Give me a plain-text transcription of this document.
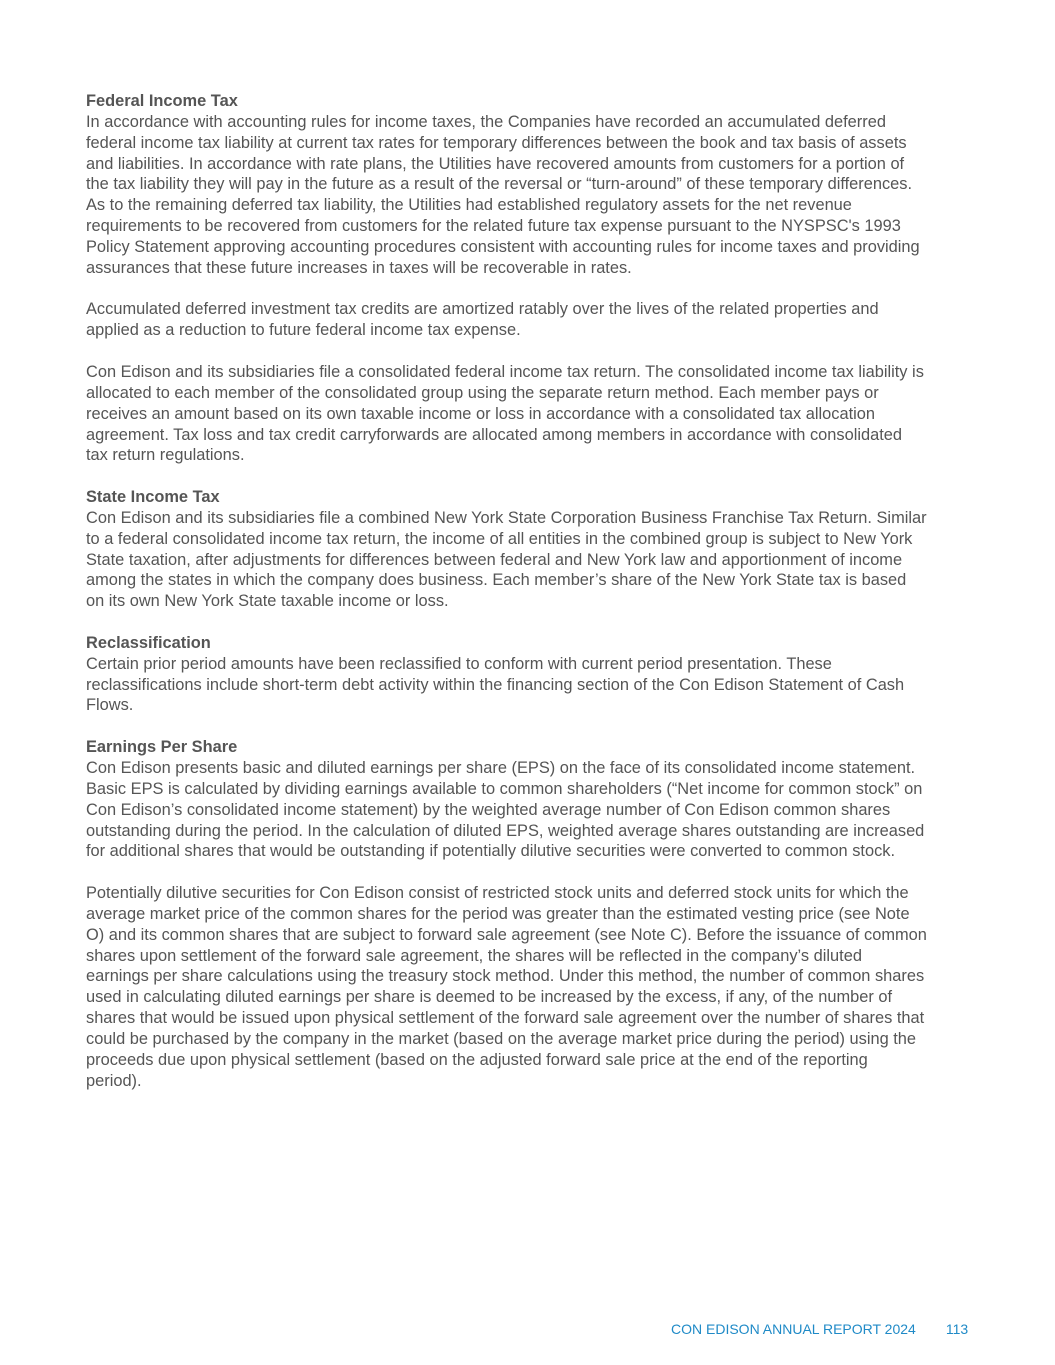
Federal Income Tax
In accordance with accounting rules for income taxes, the Companies have recorded an accumulated deferred
federal income tax liability at current tax rates for temporary differences between the book and tax basis of assets
and liabilities. In accordance with rate plans, the Utilities have recovered amounts from customers for a portion of
the tax liability they will pay in the future as a result of the reversal or “turn-around” of these temporary differences.
As to the remaining deferred tax liability, the Utilities had established regulatory assets for the net revenue
requirements to be recovered from customers for the related future tax expense pursuant to the NYSPSC's 1993
Policy Statement approving accounting procedures consistent with accounting rules for income taxes and providing
assurances that these future increases in taxes will be recoverable in rates.
Accumulated deferred investment tax credits are amortized ratably over the lives of the related properties and
applied as a reduction to future federal income tax expense.
Con Edison and its subsidiaries file a consolidated federal income tax return. The consolidated income tax liability is
allocated to each member of the consolidated group using the separate return method. Each member pays or
receives an amount based on its own taxable income or loss in accordance with a consolidated tax allocation
agreement. Tax loss and tax credit carryforwards are allocated among members in accordance with consolidated
tax return regulations.
State Income Tax
Con Edison and its subsidiaries file a combined New York State Corporation Business Franchise Tax Return. Similar
to a federal consolidated income tax return, the income of all entities in the combined group is subject to New York
State taxation, after adjustments for differences between federal and New York law and apportionment of income
among the states in which the company does business. Each member’s share of the New York State tax is based
on its own New York State taxable income or loss.
Reclassification
Certain prior period amounts have been reclassified to conform with current period presentation. These
reclassifications include short-term debt activity within the financing section of the Con Edison Statement of Cash
Flows.
Earnings Per Share
Con Edison presents basic and diluted earnings per share (EPS) on the face of its consolidated income statement.
Basic EPS is calculated by dividing earnings available to common shareholders (“Net income for common stock” on
Con Edison’s consolidated income statement) by the weighted average number of Con Edison common shares
outstanding during the period. In the calculation of diluted EPS, weighted average shares outstanding are increased
for additional shares that would be outstanding if potentially dilutive securities were converted to common stock.
Potentially dilutive securities for Con Edison consist of restricted stock units and deferred stock units for which the
average market price of the common shares for the period was greater than the estimated vesting price (see Note
O) and its common shares that are subject to forward sale agreement (see Note C). Before the issuance of common
shares upon settlement of the forward sale agreement, the shares will be reflected in the company’s diluted
earnings per share calculations using the treasury stock method. Under this method, the number of common shares
used in calculating diluted earnings per share is deemed to be increased by the excess, if any, of the number of
shares that would be issued upon physical settlement of the forward sale agreement over the number of shares that
could be purchased by the company in the market (based on the average market price during the period) using the
proceeds due upon physical settlement (based on the adjusted forward sale price at the end of the reporting
period).
CON EDISON ANNUAL REPORT 2024 113
